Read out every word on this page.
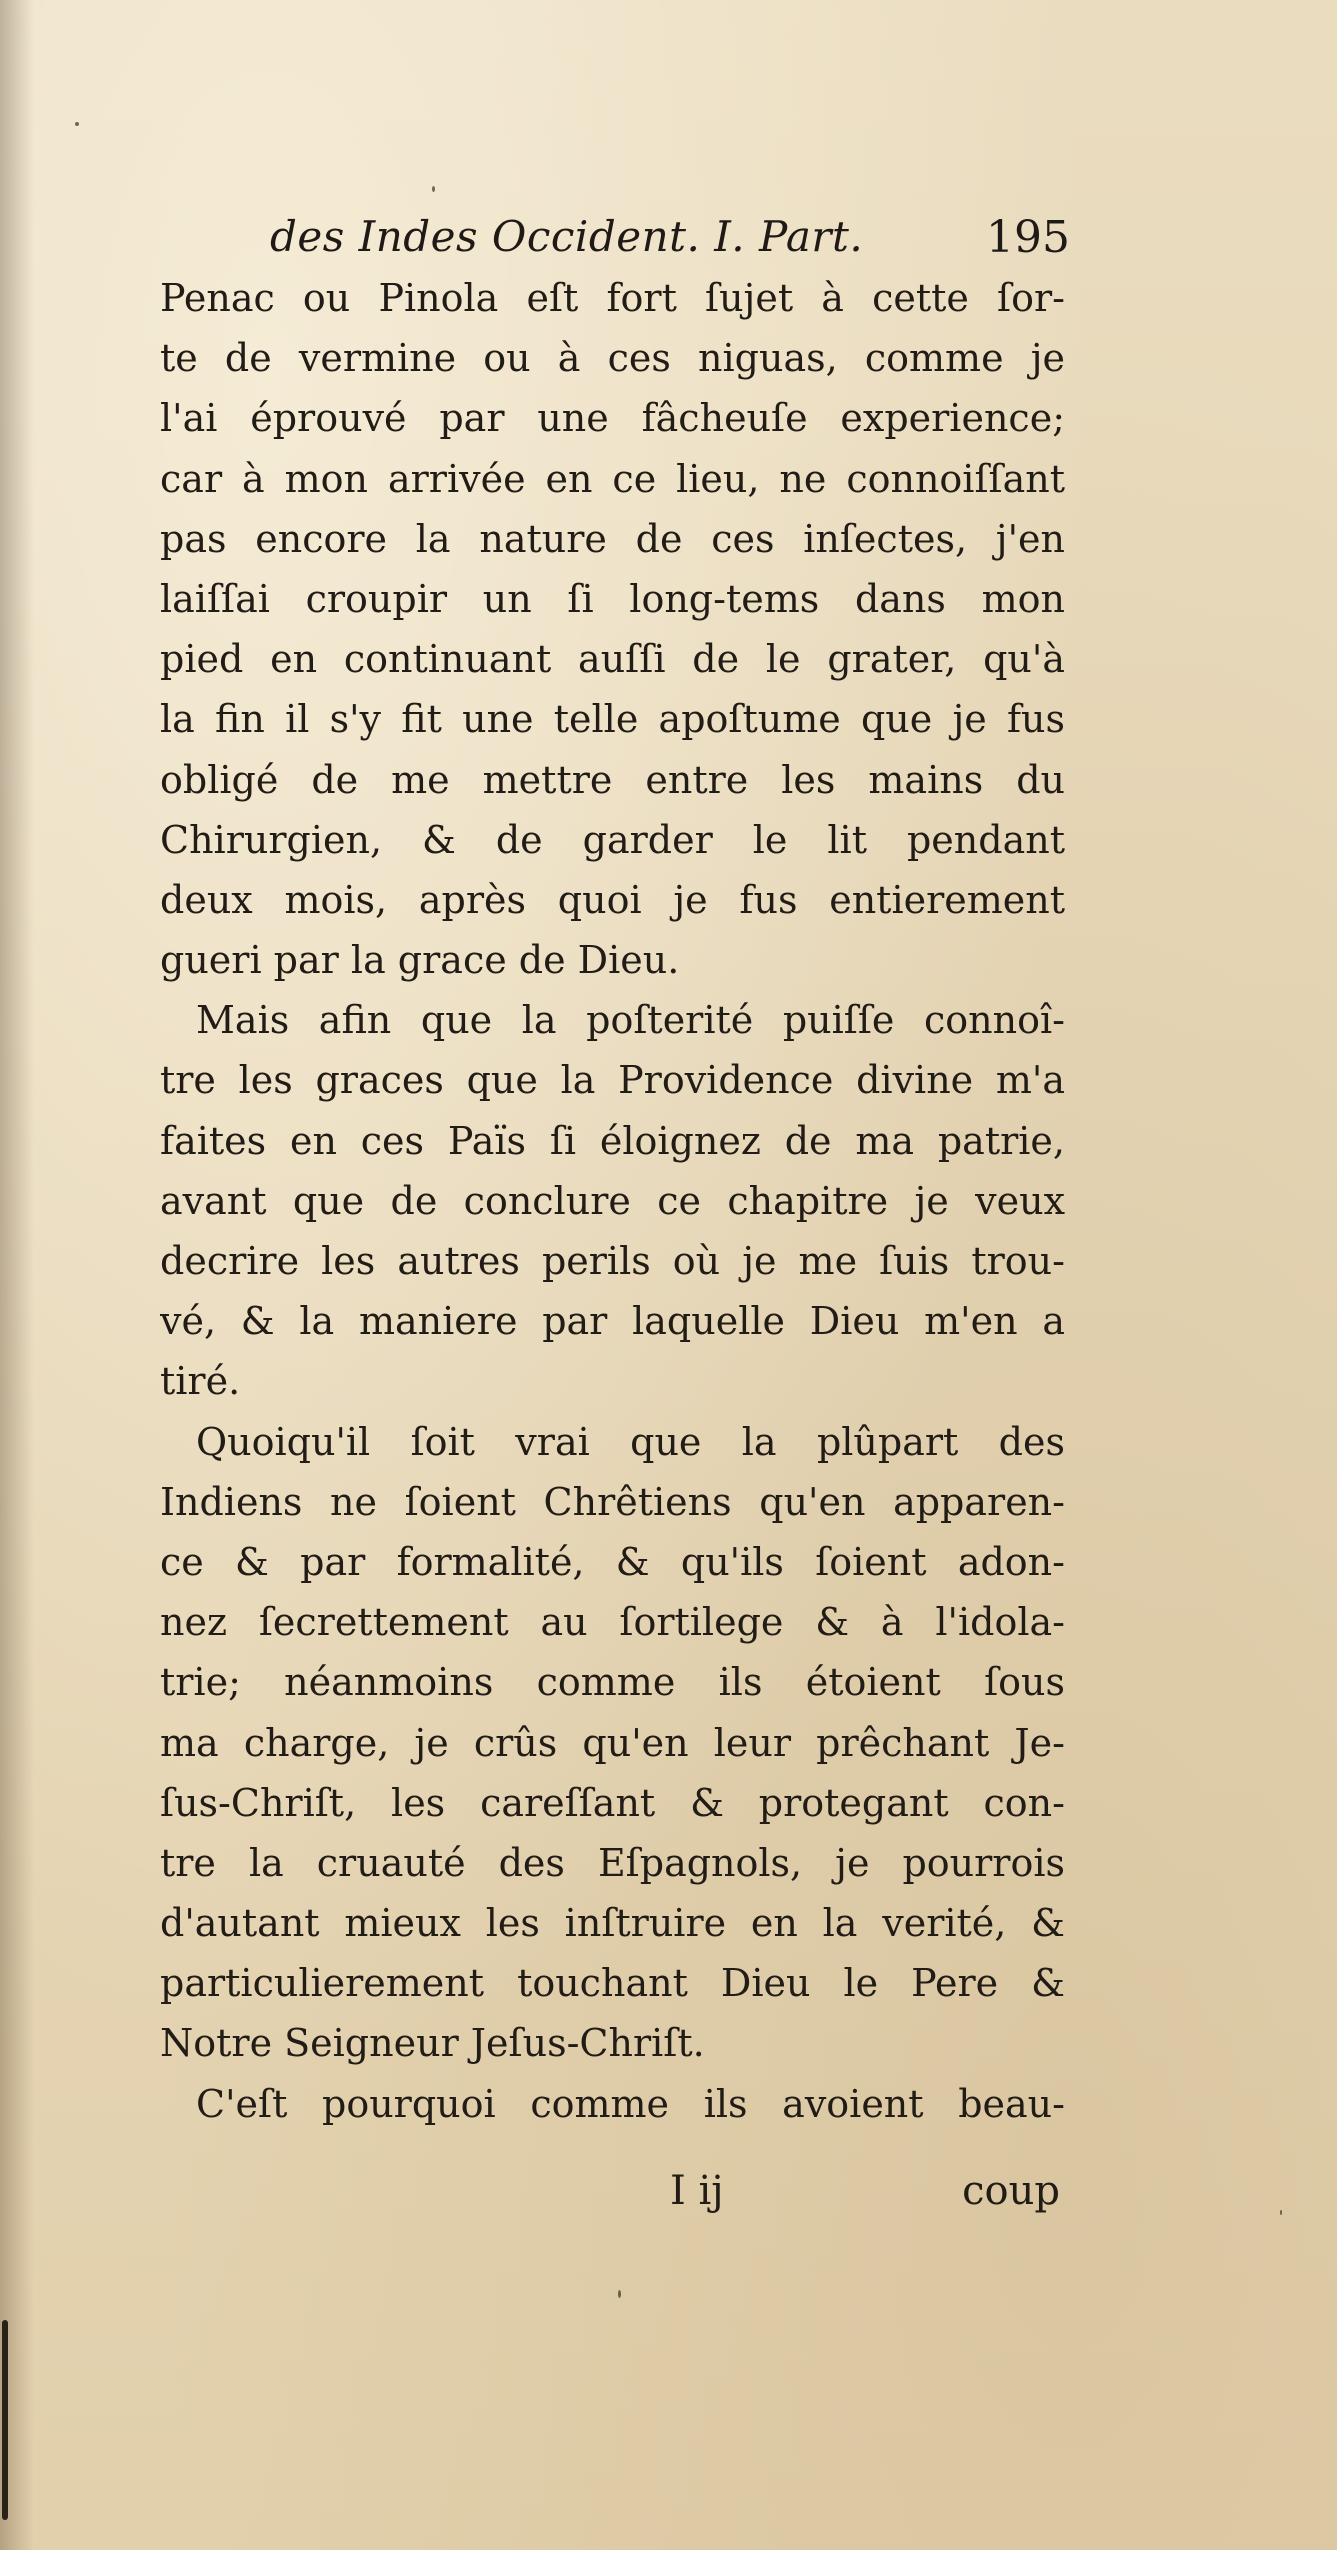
des Indes Occident. I. Part.	195
Penac ou Pinola eſt fort ſujet à cette ſor-
te de vermine ou à ces niguas, comme je
l'ai éprouvé par une fâcheuſe experience;
car à mon arrivée en ce lieu, ne connoiſſant
pas encore la nature de ces inſectes, j'en
laiſſai croupir un ſi long-tems dans mon
pied en continuant auſſi de le grater, qu'à
la fin il s'y fit une telle apoſtume que je fus
obligé de me mettre entre les mains du
Chirurgien, & de garder le lit pendant
deux mois, après quoi je fus entierement
gueri par la grace de Dieu.
Mais afin que la poſterité puiſſe connoî-
tre les graces que la Providence divine m'a
faites en ces Païs ſi éloignez de ma patrie,
avant que de conclure ce chapitre je veux
decrire les autres perils où je me ſuis trou-
vé, & la maniere par laquelle Dieu m'en a
tiré.
Quoiqu'il ſoit vrai que la plûpart des
Indiens ne ſoient Chrêtiens qu'en apparen-
ce & par formalité, & qu'ils ſoient adon-
nez ſecrettement au ſortilege & à l'idola-
trie; néanmoins comme ils étoient ſous
ma charge, je crûs qu'en leur prêchant Je-
ſus-Chriſt, les careſſant & protegant con-
tre la cruauté des Eſpagnols, je pourrois
d'autant mieux les inſtruire en la verité, &
particulierement touchant Dieu le Pere &
Notre Seigneur Jeſus-Chriſt.
C'eſt pourquoi comme ils avoient beau-
I ij	coup
